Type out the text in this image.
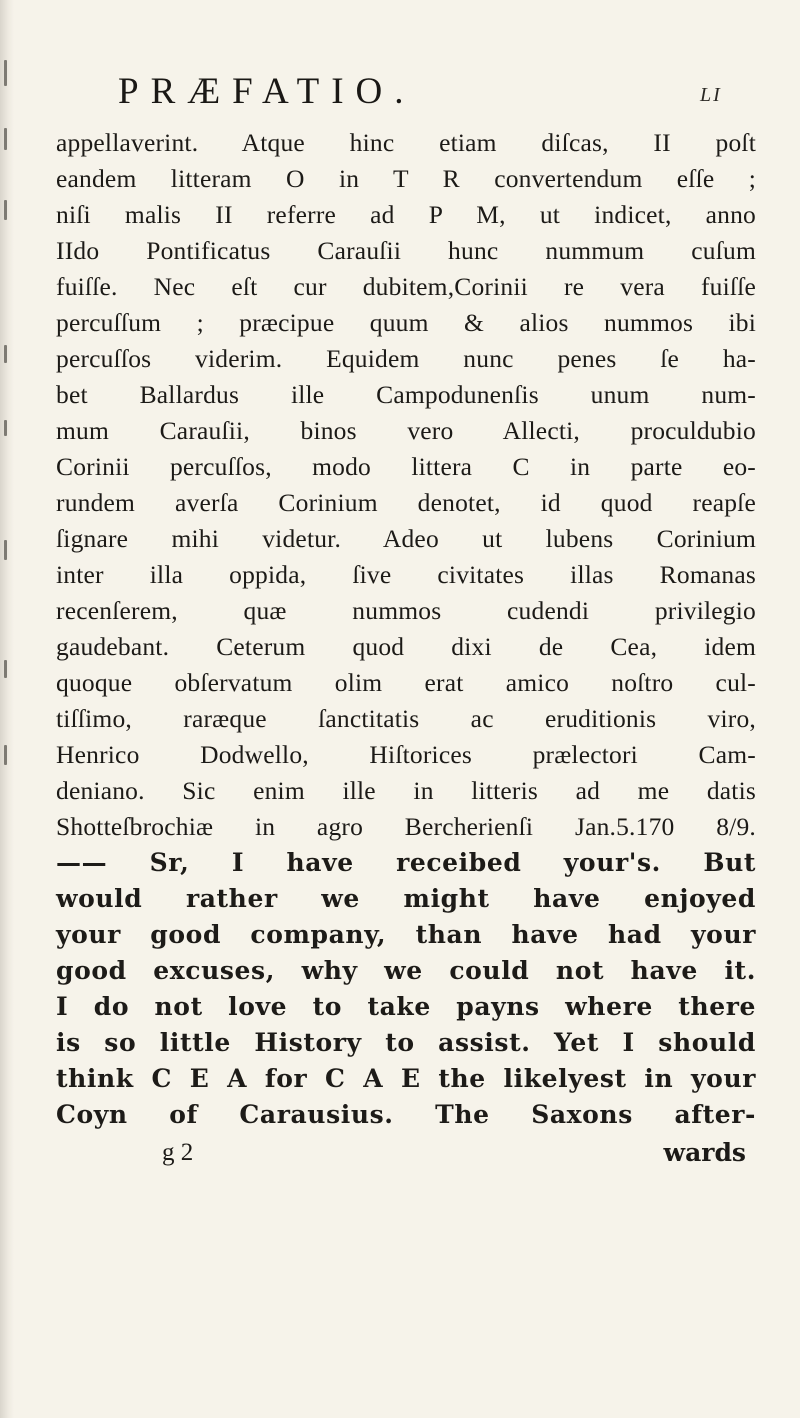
PRÆFATIO.	LI
appellaverint. Atque hinc etiam diſcas, II poſt
eandem litteram O in T R convertendum eſſe ;
niſi malis II referre ad P M, ut indicet, anno
IIdo Pontificatus Carauſii hunc nummum cuſum
fuiſſe. Nec eſt cur dubitem,Corinii re vera fuiſſe
percuſſum ; præcipue quum & alios nummos ibi
percuſſos viderim. Equidem nunc penes ſe ha-
bet Ballardus ille Campodunenſis unum num-
mum Carauſii, binos vero Allecti, proculdubio
Corinii percuſſos, modo littera C in parte eo-
rundem averſa Corinium denotet, id quod reapſe
ſignare mihi videtur. Adeo ut lubens Corinium
inter illa oppida, ſive civitates illas Romanas
recenſerem, quæ nummos cudendi privilegio
gaudebant. Ceterum quod dixi de Cea, idem
quoque obſervatum olim erat amico noſtro cul-
tiſſimo, raræque ſanctitatis ac eruditionis viro,
Henrico Dodwello, Hiſtorices prælectori Cam-
deniano. Sic enim ille in litteris ad me datis
Shotteſbrochiæ in agro Bercherienſi Jan.5.170 8/9.
—— Sr, I have receibed your's. But
would rather we might have enjoyed
your good company, than have had your
good excuses, why we could not have it.
I do not love to take payns where there
is so little History to assist. Yet I should
think C E A for C A E the likelyest in your
Coyn of Carausius. The Saxons after-
g 2	wards
